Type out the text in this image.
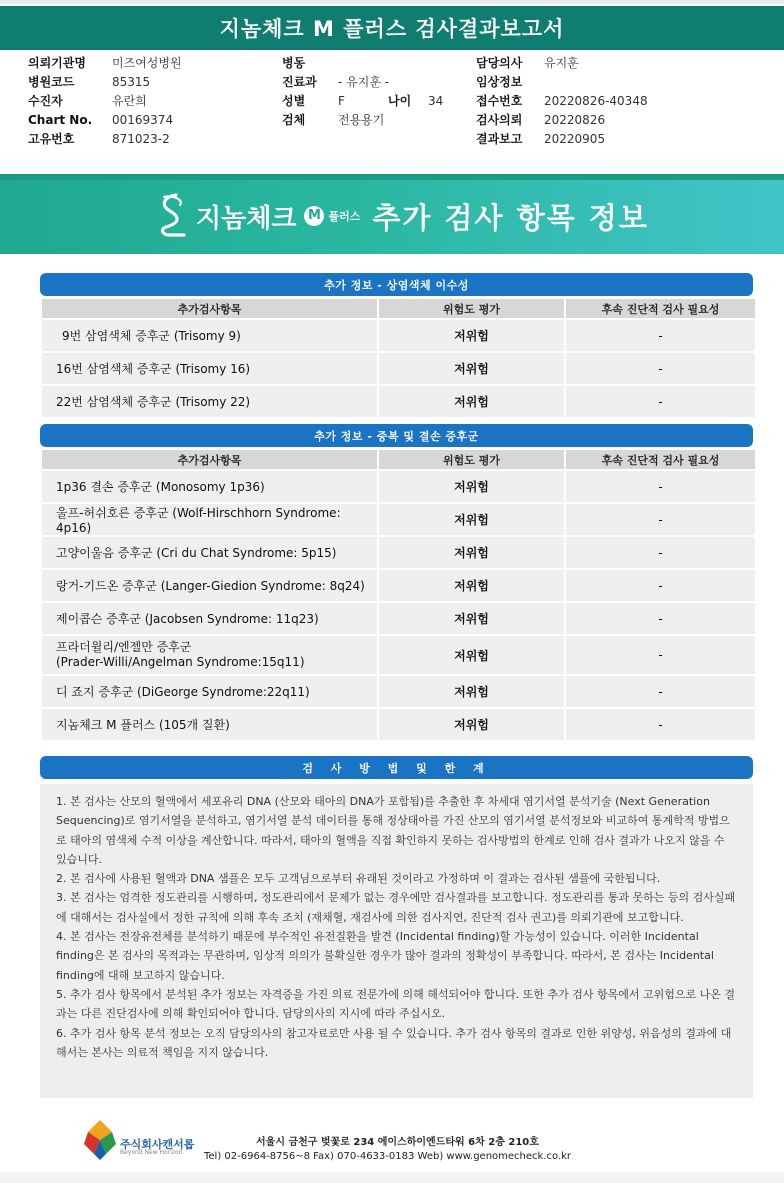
지놈체크 M 플러스 검사결과보고서
의뢰기관명	미즈여성병원
병원코드	85315
수진자	유란희
Chart No.	00169374
고유번호	871023-2
병동
진료과	- 유지훈 -
성별	F	나이	34
검체	전용용기
담당의사	유지훈
임상정보
접수번호	20220826-40348
검사의뢰	20220826
결과보고	20220905
지놈체크 M 플러스 추가 검사 항목 정보
추가 정보 - 상염색체 이수성
추가검사항목	위험도 평가	후속 진단적 검사 필요성
9번 삼염색체 증후군 (Trisomy 9)	저위험	-
16번 삼염색체 증후군 (Trisomy 16)	저위험	-
22번 삼염색체 증후군 (Trisomy 22)	저위험	-
추가 정보 - 중복 및 결손 증후군
추가검사항목	위험도 평가	후속 진단적 검사 필요성
1p36 결손 증후군 (Monosomy 1p36)	저위험	-
울프-허쉬호른 증후군 (Wolf-Hirschhorn Syndrome: 4p16)	저위험	-
고양이울음 증후군 (Cri du Chat Syndrome: 5p15)	저위험	-
랑거-기드온 증후군 (Langer-Giedion Syndrome: 8q24)	저위험	-
제이콥슨 증후군 (Jacobsen Syndrome: 11q23)	저위험	-

프라더윌리/엔젤만 증후군
(Prader-Willi/Angelman Syndrome:15q11)	저위험	-
디 죠지 증후군 (DiGeorge Syndrome:22q11)	저위험	-
지놈체크 M 플러스 (105개 질환)	저위험	-
검 사 방 법 및 한 계
1. 본 검사는 산모의 혈액에서 세포유리 DNA (산모와 태아의 DNA가 포함됨)를 추출한 후 차세대 염기서열 분석기술 (Next Generation Sequencing)로 염기서열을 분석하고, 염기서열 분석 데이터를 통해 정상태아를 가진 산모의 염기서열 분석정보와 비교하여 통계학적 방법으로 태아의 염색체 수적 이상을 계산합니다. 따라서, 태아의 혈액을 직접 확인하지 못하는 검사방법의 한계로 인해 검사 결과가 나오지 않을 수 있습니다.
2. 본 검사에 사용된 혈액과 DNA 샘플은 모두 고객님으로부터 유래된 것이라고 가정하며 이 결과는 검사된 샘플에 국한됩니다.
3. 본 검사는 엄격한 정도관리를 시행하며, 정도관리에서 문제가 없는 경우에만 검사결과를 보고합니다. 정도관리를 통과 못하는 등의 검사실패에 대해서는 검사실에서 정한 규칙에 의해 후속 조치 (재채혈, 재검사에 의한 검사지연, 진단적 검사 권고)를 의뢰기관에 보고합니다.
4. 본 검사는 전장유전체를 분석하기 때문에 부수적인 유전질환을 발견 (Incidental finding)할 가능성이 있습니다. 이러한 Incidental finding은 본 검사의 목적과는 무관하며, 임상적 의의가 불확실한 경우가 많아 결과의 정확성이 부족합니다. 따라서, 본 검사는 Incidental finding에 대해 보고하지 않습니다.
5. 추가 검사 항목에서 분석된 추가 정보는 자격증을 가진 의료 전문가에 의해 해석되어야 합니다. 또한 추가 검사 항목에서 고위험으로 나온 결과는 다른 진단검사에 의해 확인되어야 합니다. 담당의사의 지시에 따라 주십시오.
6. 추가 검사 항목 분석 정보는 오직 담당의사의 참고자료로만 사용 될 수 있습니다. 추가 검사 항목의 결과로 인한 위양성, 위음성의 결과에 대해서는 본사는 의료적 책임을 지지 않습니다.
주식회사캔서롭
Beyond New Horizon
서울시 금천구 벚꽃로 234 에이스하이엔드타워 6차 2층 210호
Tel) 02-6964-8756~8 Fax) 070-4633-0183 Web) www.genomecheck.co.kr
